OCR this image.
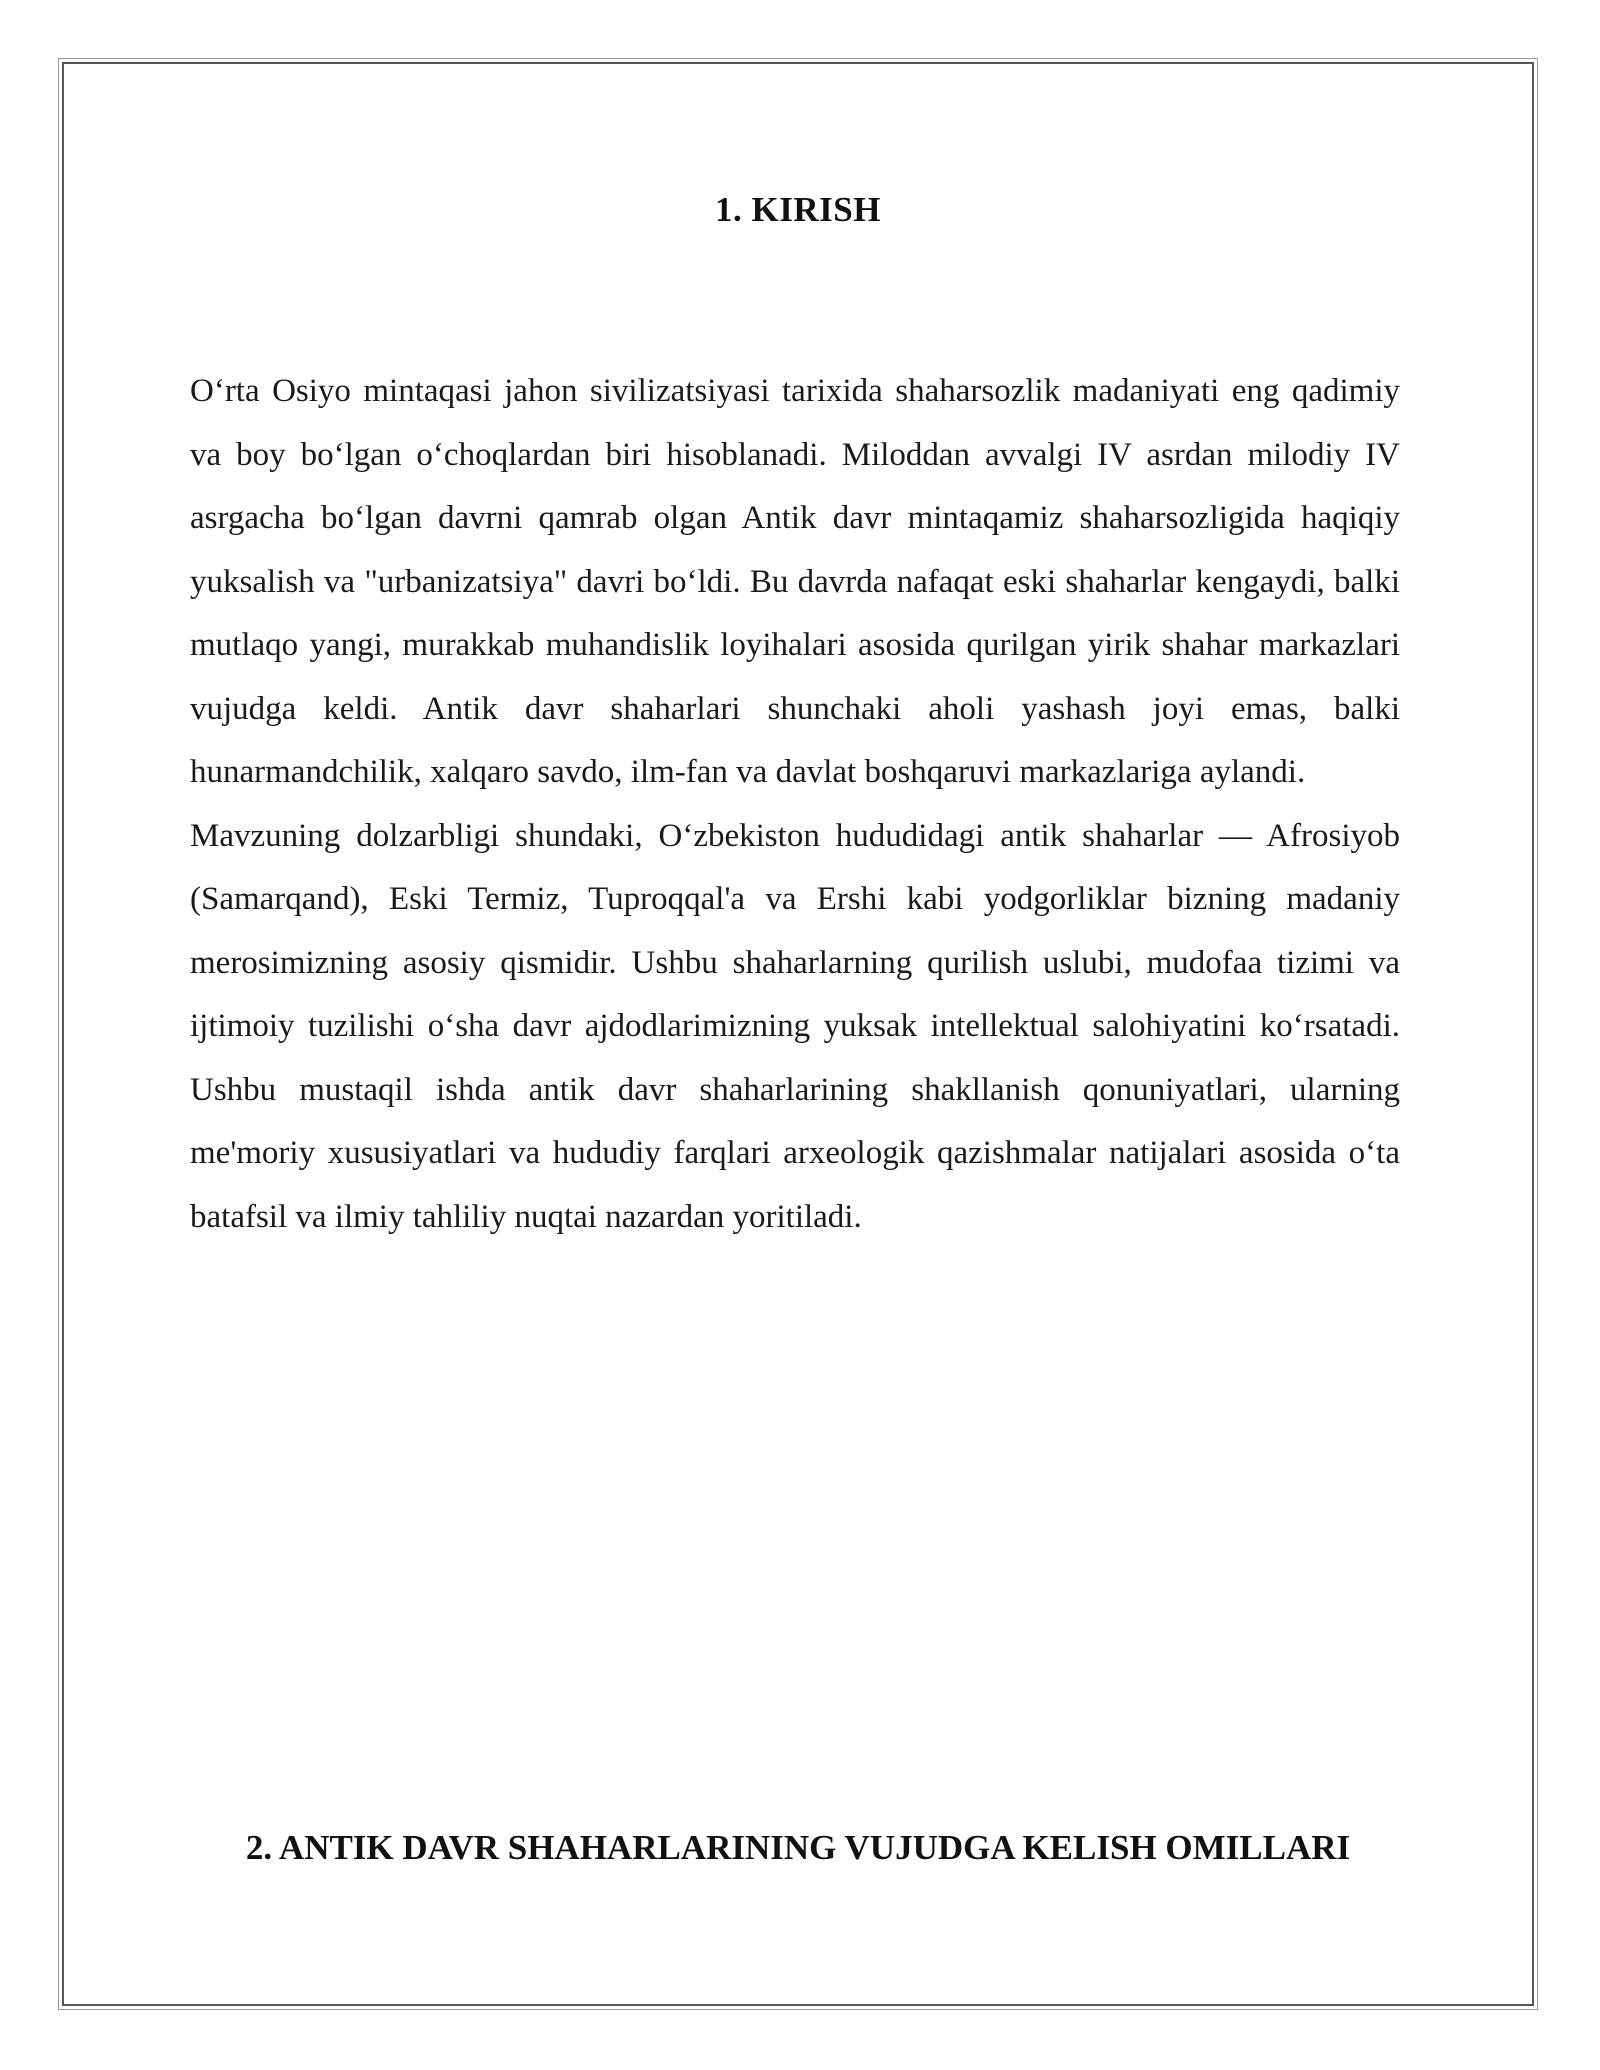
1. KIRISH

O‘rta Osiyo mintaqasi jahon sivilizatsiyasi tarixida shaharsozlik madaniyati eng qadimiy va boy bo‘lgan o‘choqlardan biri hisoblanadi. Miloddan avvalgi IV asrdan milodiy IV asrgacha bo‘lgan davrni qamrab olgan Antik davr mintaqamiz shaharsozligida haqiqiy yuksalish va "urbanizatsiya" davri bo‘ldi. Bu davrda nafaqat eski shaharlar kengaydi, balki mutlaqo yangi, murakkab muhandislik loyihalari asosida qurilgan yirik shahar markazlari vujudga keldi. Antik davr shaharlari shunchaki aholi yashash joyi emas, balki hunarmandchilik, xalqaro savdo, ilm-fan va davlat boshqaruvi markazlariga aylandi.

Mavzuning dolzarbligi shundaki, O‘zbekiston hududidagi antik shaharlar — Afrosiyob (Samarqand), Eski Termiz, Tuproqqal'a va Ershi kabi yodgorliklar bizning madaniy merosimizning asosiy qismidir. Ushbu shaharlarning qurilish uslubi, mudofaa tizimi va ijtimoiy tuzilishi o‘sha davr ajdodlarimizning yuksak intellektual salohiyatini ko‘rsatadi. Ushbu mustaqil ishda antik davr shaharlarining shakllanish qonuniyatlari, ularning me'moriy xususiyatlari va hududiy farqlari arxeologik qazishmalar natijalari asosida o‘ta batafsil va ilmiy tahliliy nuqtai nazardan yoritiladi.

2. ANTIK DAVR SHAHARLARINING VUJUDGA KELISH OMILLARI
